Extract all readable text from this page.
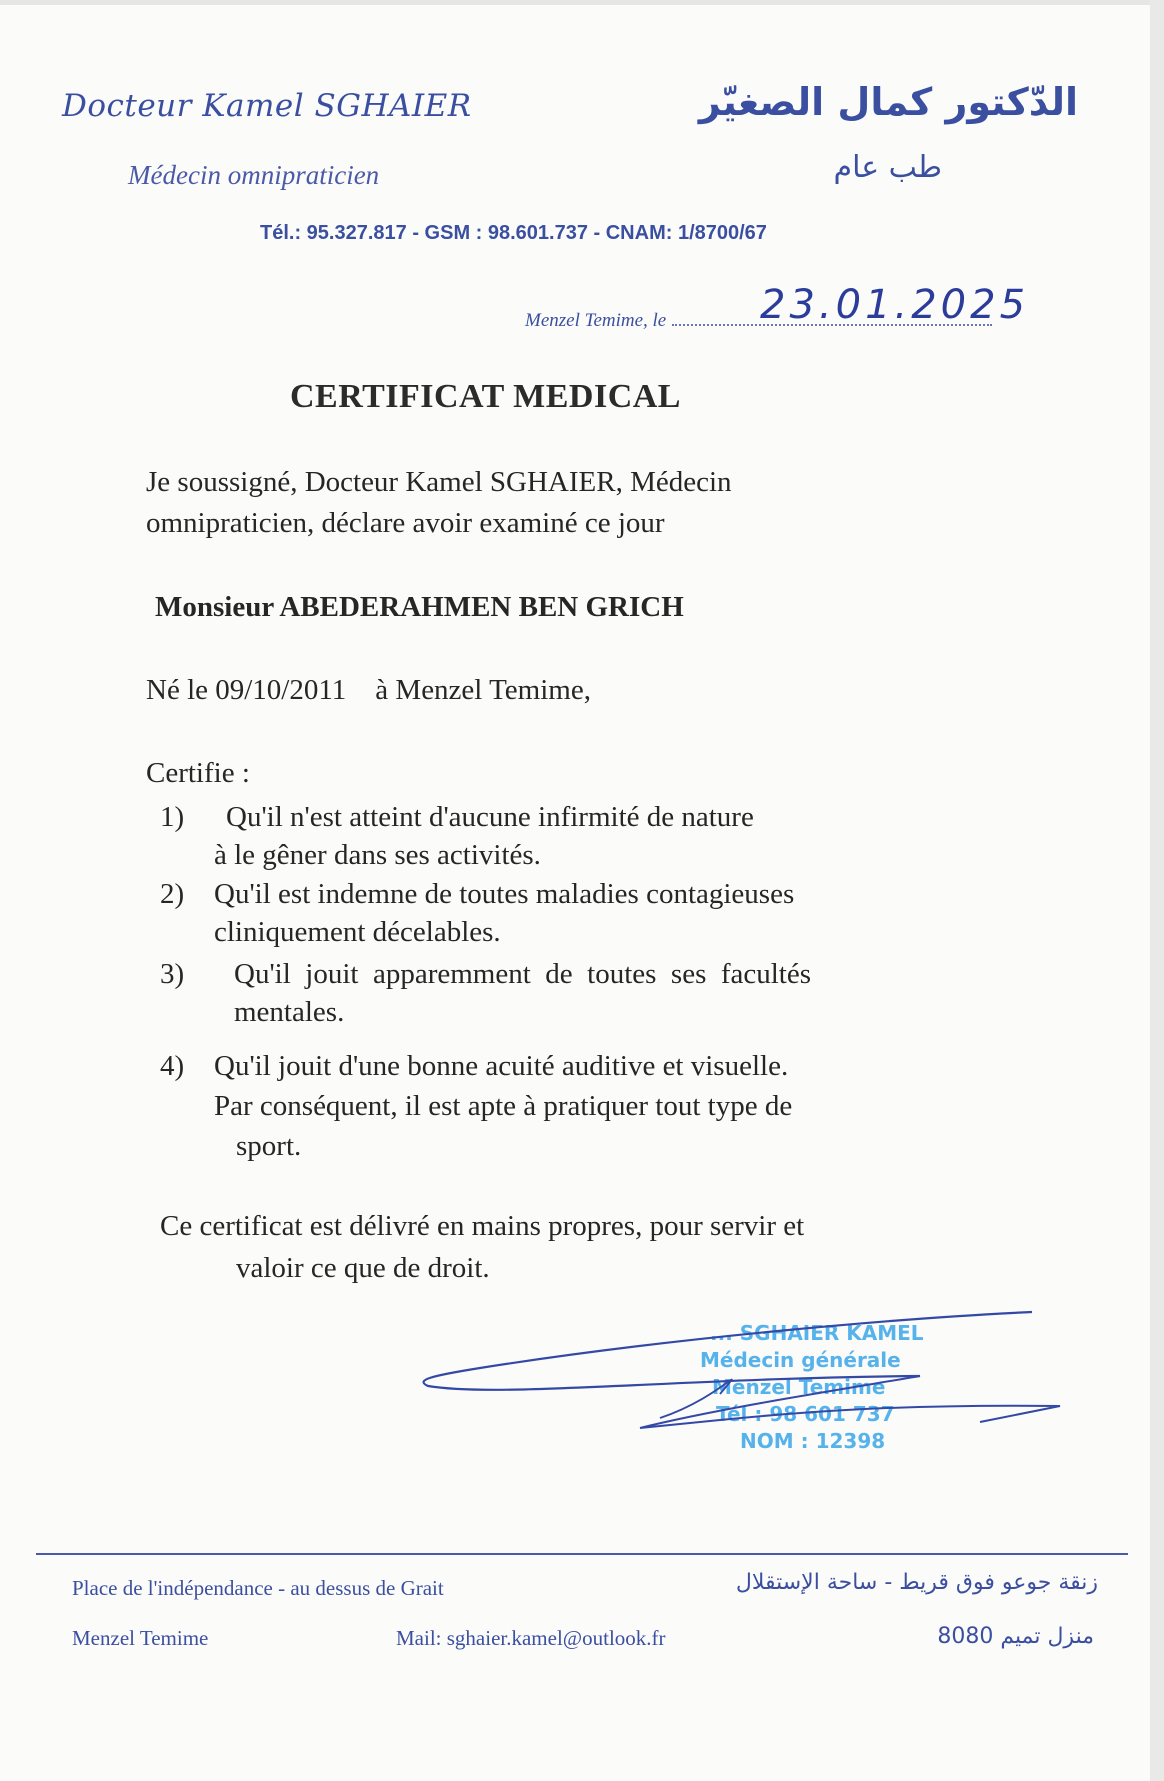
Docteur Kamel SGHAIER
Médecin omnipraticien
الدّكتور كمال الصغيّر
طب عام
Tél.: 95.327.817 - GSM : 98.601.737 - CNAM: 1/8700/67
Menzel Temime, le 23.01.2025
CERTIFICAT MEDICAL
Je soussigné, Docteur Kamel SGHAIER, Médecin omnipraticien, déclare avoir examiné ce jour
Monsieur ABEDERAHMEN BEN GRICH
Né le 09/10/2011    à Menzel Temime,
Certifie :
1) Qu'il n'est atteint d'aucune infirmité de nature
à le gêner dans ses activités.
2) Qu'il est indemne de toutes maladies contagieuses
cliniquement décelables.
3) Qu'il  jouit  apparemment  de  toutes  ses  facultés
mentales.
4) Qu'il jouit d'une bonne acuité auditive et visuelle.
Par conséquent, il est apte à pratiquer tout type de
sport.
Ce certificat est délivré en mains propres, pour servir et
valoir ce que de droit.
... SGHAIER KAMEL
Médecin générale
Menzel Temime
Tél : 98 601 737
NOM : 12398
Place de l'indépendance - au dessus de Grait
Menzel Temime	Mail: sghaier.kamel@outlook.fr
زنقة جوعو فوق قريط - ساحة الإستقلال
منزل تميم 8080
